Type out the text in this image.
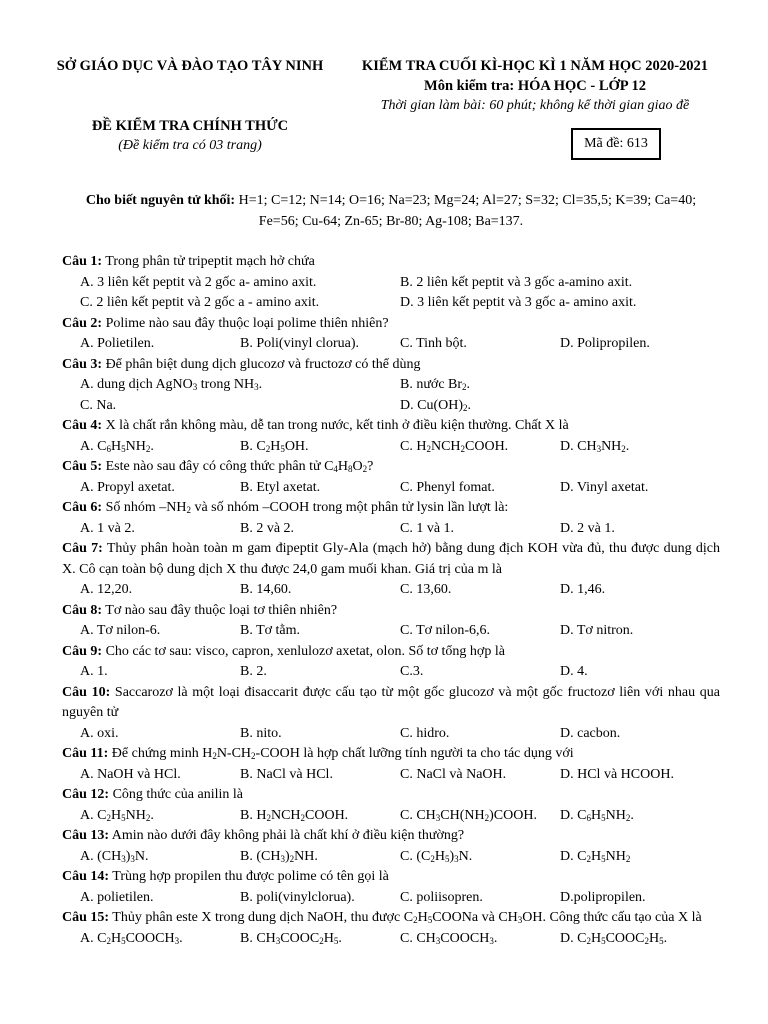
SỞ GIÁO DỤC VÀ ĐÀO TẠO TÂY NINH	KIỂM TRA CUỐI KÌ-HỌC KÌ 1 NĂM HỌC 2020-2021
Môn kiểm tra: HÓA HỌC - LỚP 12
Thời gian làm bài: 60 phút; không kể thời gian giao đề
ĐỀ KIỂM TRA CHÍNH THỨC
(Đề kiểm tra có 03 trang)	Mã đề: 613
Cho biết nguyên tử khối: H=1; C=12; N=14; O=16; Na=23; Mg=24; Al=27; S=32; Cl=35,5; K=39; Ca=40;
Fe=56; Cu-64; Zn-65; Br-80; Ag-108; Ba=137.
Câu 1: Trong phân tử tripeptit mạch hở chứa
A. 3 liên kết peptit và 2 gốc a- amino axit.	B. 2 liên kết peptit và 3 gốc a-amino axit.
C. 2 liên kết peptit và 2 gốc a - amino axit.	D. 3 liên kết peptit và 3 gốc a- amino axit.
Câu 2: Polime nào sau đây thuộc loại polime thiên nhiên?
A. Polietilen.	B. Poli(vinyl clorua).	C. Tinh bột.	D. Polipropilen.
Câu 3: Để phân biệt dung dịch glucozơ và fructozơ có thể dùng
A. dung dịch AgNO$_3$ trong $NH_3$.	B. nước $Br_2$.
C. Na.	D. $Cu(OH)_2$.
Câu 4: X là chất rắn không màu, dễ tan trong nước, kết tinh ở điều kiện thường. Chất X là
A. $C_6H_5NH_2$.	B. $C_2H_5OH$.	C. $H_2NCH_2COOH$.	D. $CH_3NH_2$.
Câu 5: Este nào sau đây có công thức phân tử $C_4H_8O_2$?
A. Propyl axetat.	B. Etyl axetat.	C. Phenyl fomat.	D. Vinyl axetat.
Câu 6: Số nhóm $-NH_2$ và số nhóm –COOH trong một phân tử lysin lần lượt là:
A. 1 và 2.	B. 2 và 2.	C. 1 và 1.	D. 2 và 1.
Câu 7: Thủy phân hoàn toàn m gam đipeptit Gly-Ala (mạch hở) bằng dung địch KOH vừa đủ, thu được dung dịch X. Cô cạn toàn bộ dung dịch X thu được 24,0 gam muối khan. Giá trị của m là
A. 12,20.	B. 14,60.	C. 13,60.	D. 1,46.
Câu 8: Tơ nào sau đây thuộc loại tơ thiên nhiên?
A. Tơ nilon-6.	B. Tơ tằm.	C. Tơ nilon-6,6.	D. Tơ nitron.
Câu 9: Cho các tơ sau: visco, capron, xenlulozơ axetat, olon. Số tơ tổng hợp là
A. 1.	B. 2.	C.3.	D. 4.
Câu 10: Saccarozơ là một loại đisaccarit được cấu tạo từ một gốc glucozơ và một gốc fructozơ liên với nhau qua nguyên tử
A. oxi.	B. nito.	C. hidro.	D. cacbon.
Câu 11: Để chứng minh $H_2N-CH_2$-COOH là hợp chất lưỡng tính người ta cho tác dụng với
A. NaOH và HCl.	B. NaCl và HCl.	C. NaCl và NaOH.	D. HCl và HCOOH.
Câu 12: Công thức của anilin là
A. $C_2H_5NH_2$.	B. $H_2NCH_2COOH$.	C. $CH_3CH(NH_2)COOH$.	D. $C_6H_5NH_2$.
Câu 13: Amin nào dưới đây không phải là chất khí ở điều kiện thường?
A. $(CH_3)_3N$.	B. $(CH_3)_2NH$.	C. $(C_2H_5)_3N$.	D. $C_2H_5NH_2$
Câu 14: Trùng hợp propilen thu được polime có tên gọi là
A. polietilen.	B. poli(vinylclorua).	C. poliisopren.	D.polipropilen.
Câu 15: Thủy phân este X trong dung dịch NaOH, thu được $C_2H_5COONa$ và $CH_3OH$. Công thức cấu tạo của X là
A. $C_2H_5COOCH_3$.	B. $CH_3COOC_2H_5$.	C. $CH_3COOCH_3$.	D. $C_2H_5COOC_2H_5$.
